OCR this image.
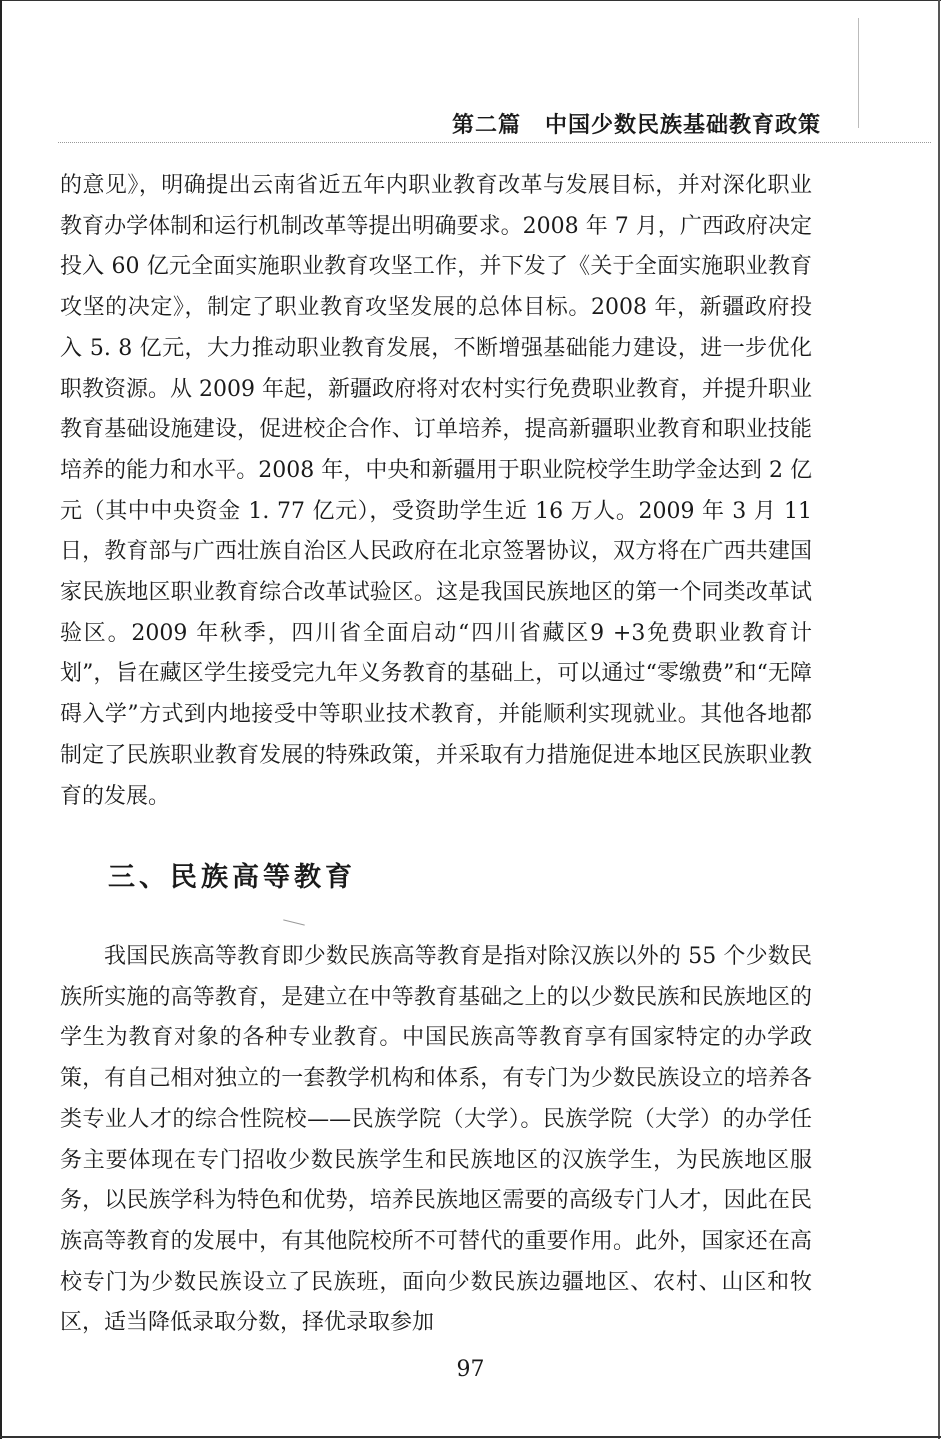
第二篇 中国少数民族基础教育政策

的意见》，明确提出云南省近五年内职业教育改革与发展目标，并对深化职业教育办学体制和运行机制改革等提出明确要求。2008 年 7 月，广西政府决定投入 60 亿元全面实施职业教育攻坚工作，并下发了《关于全面实施职业教育攻坚的决定》，制定了职业教育攻坚发展的总体目标。2008 年，新疆政府投入 5. 8 亿元，大力推动职业教育发展，不断增强基础能力建设，进一步优化职教资源。从 2009 年起，新疆政府将对农村实行免费职业教育，并提升职业教育基础设施建设，促进校企合作、订单培养，提高新疆职业教育和职业技能培养的能力和水平。2008 年，中央和新疆用于职业院校学生助学金达到 2 亿元（其中中央资金 1. 77 亿元），受资助学生近 16 万人。2009 年 3 月 11 日，教育部与广西壮族自治区人民政府在北京签署协议，双方将在广西共建国家民族地区职业教育综合改革试验区。这是我国民族地区的第一个同类改革试验区。2009 年秋季，四川省全面启动“四川省藏区9 +3免费职业教育计划”，旨在藏区学生接受完九年义务教育的基础上，可以通过“零缴费”和“无障碍入学”方式到内地接受中等职业技术教育，并能顺利实现就业。其他各地都制定了民族职业教育发展的特殊政策，并采取有力措施促进本地区民族职业教育的发展。

三、民族高等教育

我国民族高等教育即少数民族高等教育是指对除汉族以外的 55 个少数民族所实施的高等教育，是建立在中等教育基础之上的以少数民族和民族地区的学生为教育对象的各种专业教育。中国民族高等教育享有国家特定的办学政策，有自己相对独立的一套教学机构和体系，有专门为少数民族设立的培养各类专业人才的综合性院校——民族学院（大学）。民族学院（大学）的办学任务主要体现在专门招收少数民族学生和民族地区的汉族学生，为民族地区服务，以民族学科为特色和优势，培养民族地区需要的高级专门人才，因此在民族高等教育的发展中，有其他院校所不可替代的重要作用。此外，国家还在高校专门为少数民族设立了民族班，面向少数民族边疆地区、农村、山区和牧区，适当降低录取分数，择优录取参加

97
